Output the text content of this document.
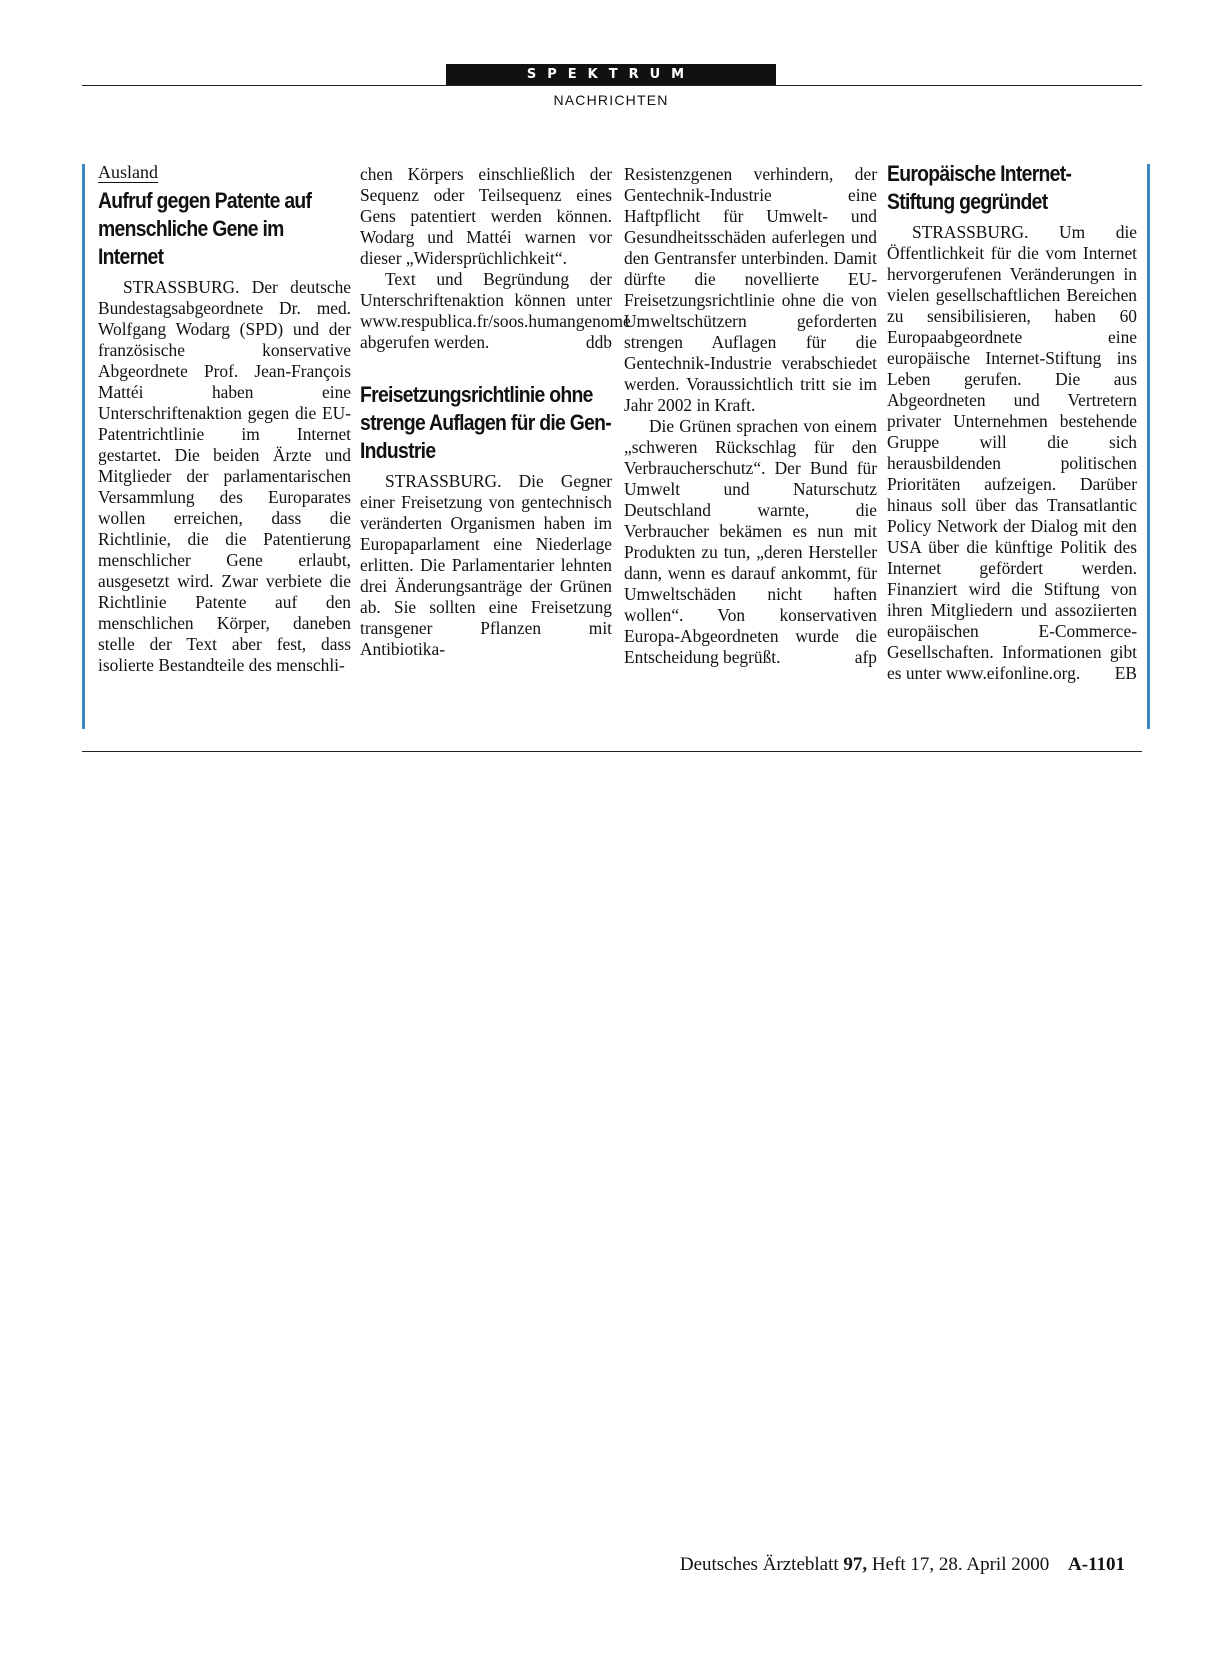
SPEKTRUM
NACHRICHTEN
Ausland
Aufruf gegen Patente auf menschliche Gene im Internet

STRASSBURG. Der deutsche Bundestagsabgeordnete Dr. med. Wolfgang Wodarg (SPD) und der französische konservative Abgeordnete Prof. Jean-François Mattéi haben eine Unterschriftenaktion gegen die EU-Patentrichtlinie im Internet gestartet. Die beiden Ärzte und Mitglieder der parlamentarischen Versammlung des Europarates wollen erreichen, dass die Richtlinie, die die Patentierung menschlicher Gene erlaubt, ausgesetzt wird. Zwar verbiete die Richtlinie Patente auf den menschlichen Körper, daneben stelle der Text aber fest, dass isolierte Bestandteile des menschli-

chen Körpers einschließlich der Sequenz oder Teilsequenz eines Gens patentiert werden können. Wodarg und Mattéi warnen vor dieser „Widersprüchlichkeit“.

Text und Begründung der Unterschriftenaktion können unter www.respublica.fr/soos.humangenome abgerufen werden.	ddb

Freisetzungsrichtlinie ohne strenge Auflagen für die Gen-Industrie

STRASSBURG. Die Gegner einer Freisetzung von gentechnisch veränderten Organismen haben im Europaparlament eine Niederlage erlitten. Die Parlamentarier lehnten drei Änderungsanträge der Grünen ab. Sie sollten eine Freisetzung transgener Pflanzen mit Antibiotika-

Resistenzgenen verhindern, der Gentechnik-Industrie eine Haftpflicht für Umwelt- und Gesundheitsschäden auferlegen und den Gentransfer unterbinden. Damit dürfte die novellierte EU-Freisetzungsrichtlinie ohne die von Umweltschützern geforderten strengen Auflagen für die Gentechnik-Industrie verabschiedet werden. Voraussichtlich tritt sie im Jahr 2002 in Kraft.

Die Grünen sprachen von einem „schweren Rückschlag für den Verbraucherschutz“. Der Bund für Umwelt und Naturschutz Deutschland warnte, die Verbraucher bekämen es nun mit Produkten zu tun, „deren Hersteller dann, wenn es darauf ankommt, für Umweltschäden nicht haften wollen“. Von konservativen Europa-Abgeordneten wurde die Entscheidung begrüßt.	afp

Europäische Internet-Stiftung gegründet

STRASSBURG. Um die Öffentlichkeit für die vom Internet hervorgerufenen Veränderungen in vielen gesellschaftlichen Bereichen zu sensibilisieren, haben 60 Europaabgeordnete eine europäische Internet-Stiftung ins Leben gerufen. Die aus Abgeordneten und Vertretern privater Unternehmen bestehende Gruppe will die sich herausbildenden politischen Prioritäten aufzeigen. Darüber hinaus soll über das Transatlantic Policy Network der Dialog mit den USA über die künftige Politik des Internet gefördert werden. Finanziert wird die Stiftung von ihren Mitgliedern und assoziierten europäischen E-Commerce-Gesellschaften. Informationen gibt es unter www.eifonline.org.	EB

Deutsches Ärzteblatt 97, Heft 17, 28. April 2000 A-1101
